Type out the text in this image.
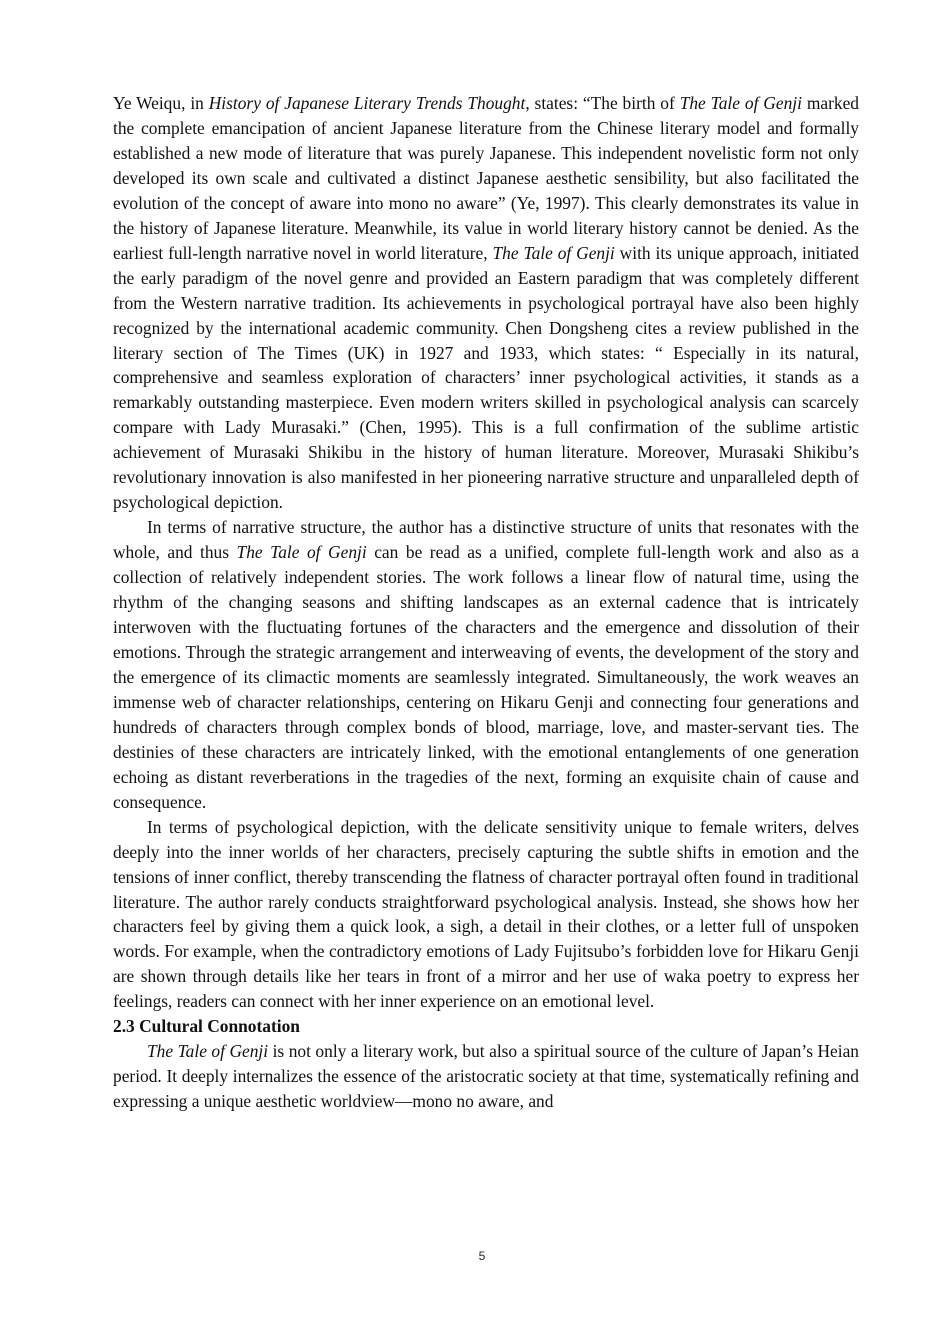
Ye Weiqu, in History of Japanese Literary Trends Thought, states: “The birth of The Tale of Genji marked the complete emancipation of ancient Japanese literature from the Chinese literary model and formally established a new mode of literature that was purely Japanese. This independent novelistic form not only developed its own scale and cultivated a distinct Japanese aesthetic sensibility, but also facilitated the evolution of the concept of aware into mono no aware” (Ye, 1997). This clearly demonstrates its value in the history of Japanese literature. Meanwhile, its value in world literary history cannot be denied. As the earliest full-length narrative novel in world literature, The Tale of Genji with its unique approach, initiated the early paradigm of the novel genre and provided an Eastern paradigm that was completely different from the Western narrative tradition. Its achievements in psychological portrayal have also been highly recognized by the international academic community. Chen Dongsheng cites a review published in the literary section of The Times (UK) in 1927 and 1933, which states: “ Especially in its natural, comprehensive and seamless exploration of characters’ inner psychological activities, it stands as a remarkably outstanding masterpiece. Even modern writers skilled in psychological analysis can scarcely compare with Lady Murasaki.” (Chen, 1995). This is a full confirmation of the sublime artistic achievement of Murasaki Shikibu in the history of human literature. Moreover, Murasaki Shikibu’s revolutionary innovation is also manifested in her pioneering narrative structure and unparalleled depth of psychological depiction.

In terms of narrative structure, the author has a distinctive structure of units that resonates with the whole, and thus The Tale of Genji can be read as a unified, complete full-length work and also as a collection of relatively independent stories. The work follows a linear flow of natural time, using the rhythm of the changing seasons and shifting landscapes as an external cadence that is intricately interwoven with the fluctuating fortunes of the characters and the emergence and dissolution of their emotions. Through the strategic arrangement and interweaving of events, the development of the story and the emergence of its climactic moments are seamlessly integrated. Simultaneously, the work weaves an immense web of character relationships, centering on Hikaru Genji and connecting four generations and hundreds of characters through complex bonds of blood, marriage, love, and master-servant ties. The destinies of these characters are intricately linked, with the emotional entanglements of one generation echoing as distant reverberations in the tragedies of the next, forming an exquisite chain of cause and consequence.

In terms of psychological depiction, with the delicate sensitivity unique to female writers, delves deeply into the inner worlds of her characters, precisely capturing the subtle shifts in emotion and the tensions of inner conflict, thereby transcending the flatness of character portrayal often found in traditional literature. The author rarely conducts straightforward psychological analysis. Instead, she shows how her characters feel by giving them a quick look, a sigh, a detail in their clothes, or a letter full of unspoken words. For example, when the contradictory emotions of Lady Fujitsubo’s forbidden love for Hikaru Genji are shown through details like her tears in front of a mirror and her use of waka poetry to express her feelings, readers can connect with her inner experience on an emotional level.

2.3 Cultural Connotation

The Tale of Genji is not only a literary work, but also a spiritual source of the culture of Japan’s Heian period. It deeply internalizes the essence of the aristocratic society at that time, systematically refining and expressing a unique aesthetic worldview—mono no aware, and

5
